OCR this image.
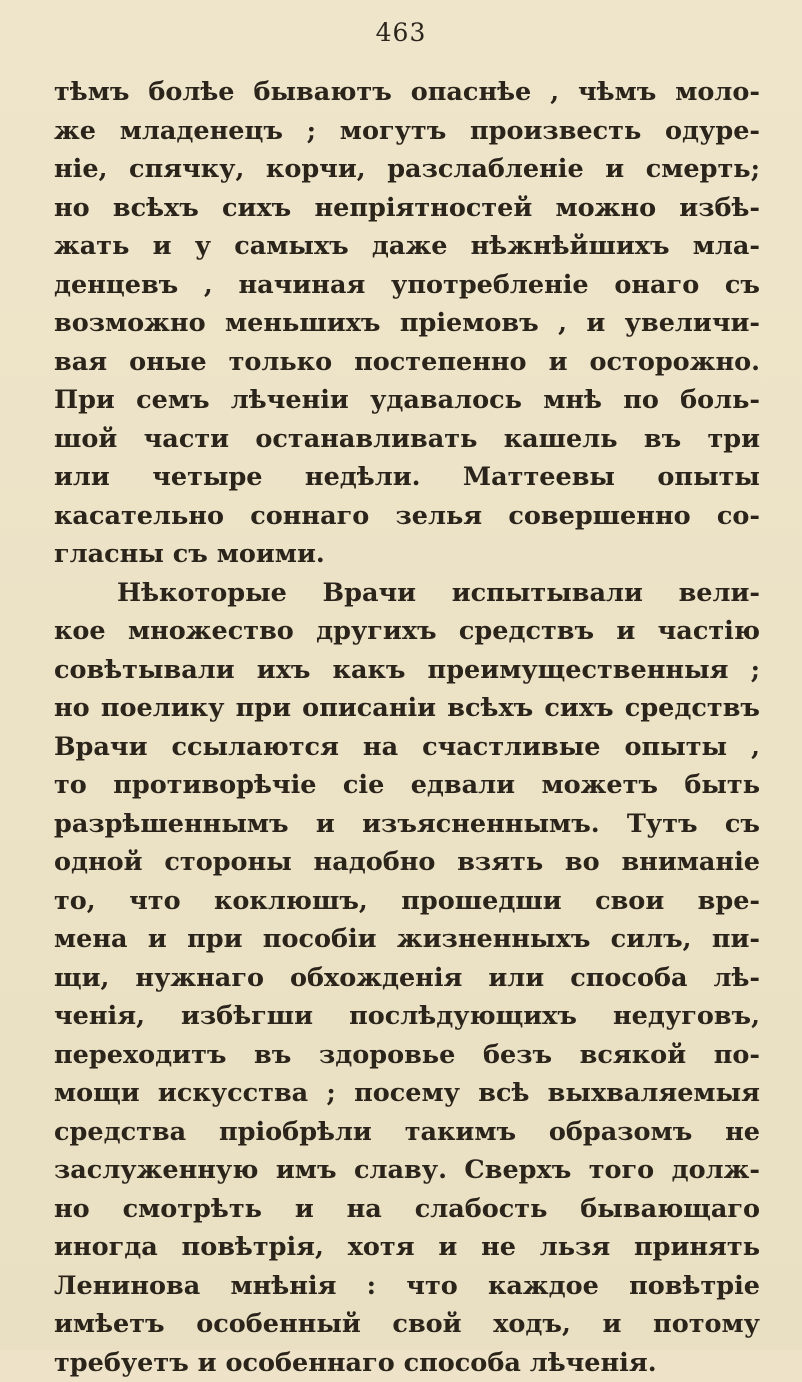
463
тѣмъ болѣе бываютъ опаснѣе , чѣмъ моло-
же младенецъ ; могутъ произвесть одуре-
ніе, спячку, корчи, разслабленіе и смерть;
но всѣхъ сихъ непріятностей можно избѣ-
жать и у самыхъ даже нѣжнѣйшихъ мла-
денцевъ , начиная употребленіе онаго съ
возможно меньшихъ пріемовъ , и увеличи-
вая оные только постепенно и осторожно.
При семъ лѣченіи удавалось мнѣ по боль-
шой части останавливать кашель въ три
или четыре недѣли. Маттеевы опыты
касательно соннаго зелья совершенно со-
гласны съ моими.
Нѣкоторые Врачи испытывали вели-
кое множество другихъ средствъ и частію
совѣтывали ихъ какъ преимущественныя ;
но поелику при описаніи всѣхъ сихъ средствъ
Врачи ссылаются на счастливые опыты ,
то противорѣчіе сіе едвали можетъ быть
разрѣшеннымъ и изъясненнымъ. Тутъ съ
одной стороны надобно взять во вниманіе
то, что коклюшъ, прошедши свои вре-
мена и при пособіи жизненныхъ силъ, пи-
щи, нужнаго обхожденія или способа лѣ-
ченія, избѣгши послѣдующихъ недуговъ,
переходитъ въ здоровье безъ всякой по-
мощи искусства ; посему всѣ выхваляемыя
средства пріобрѣли такимъ образомъ не
заслуженную имъ славу. Сверхъ того долж-
но смотрѣть и на слабость бывающаго
иногда повѣтрія, хотя и не льзя принять
Ленинова мнѣнія : что каждое повѣтріе
имѣетъ особенный свой ходъ, и потому
требуетъ и особеннаго способа лѣченія.
